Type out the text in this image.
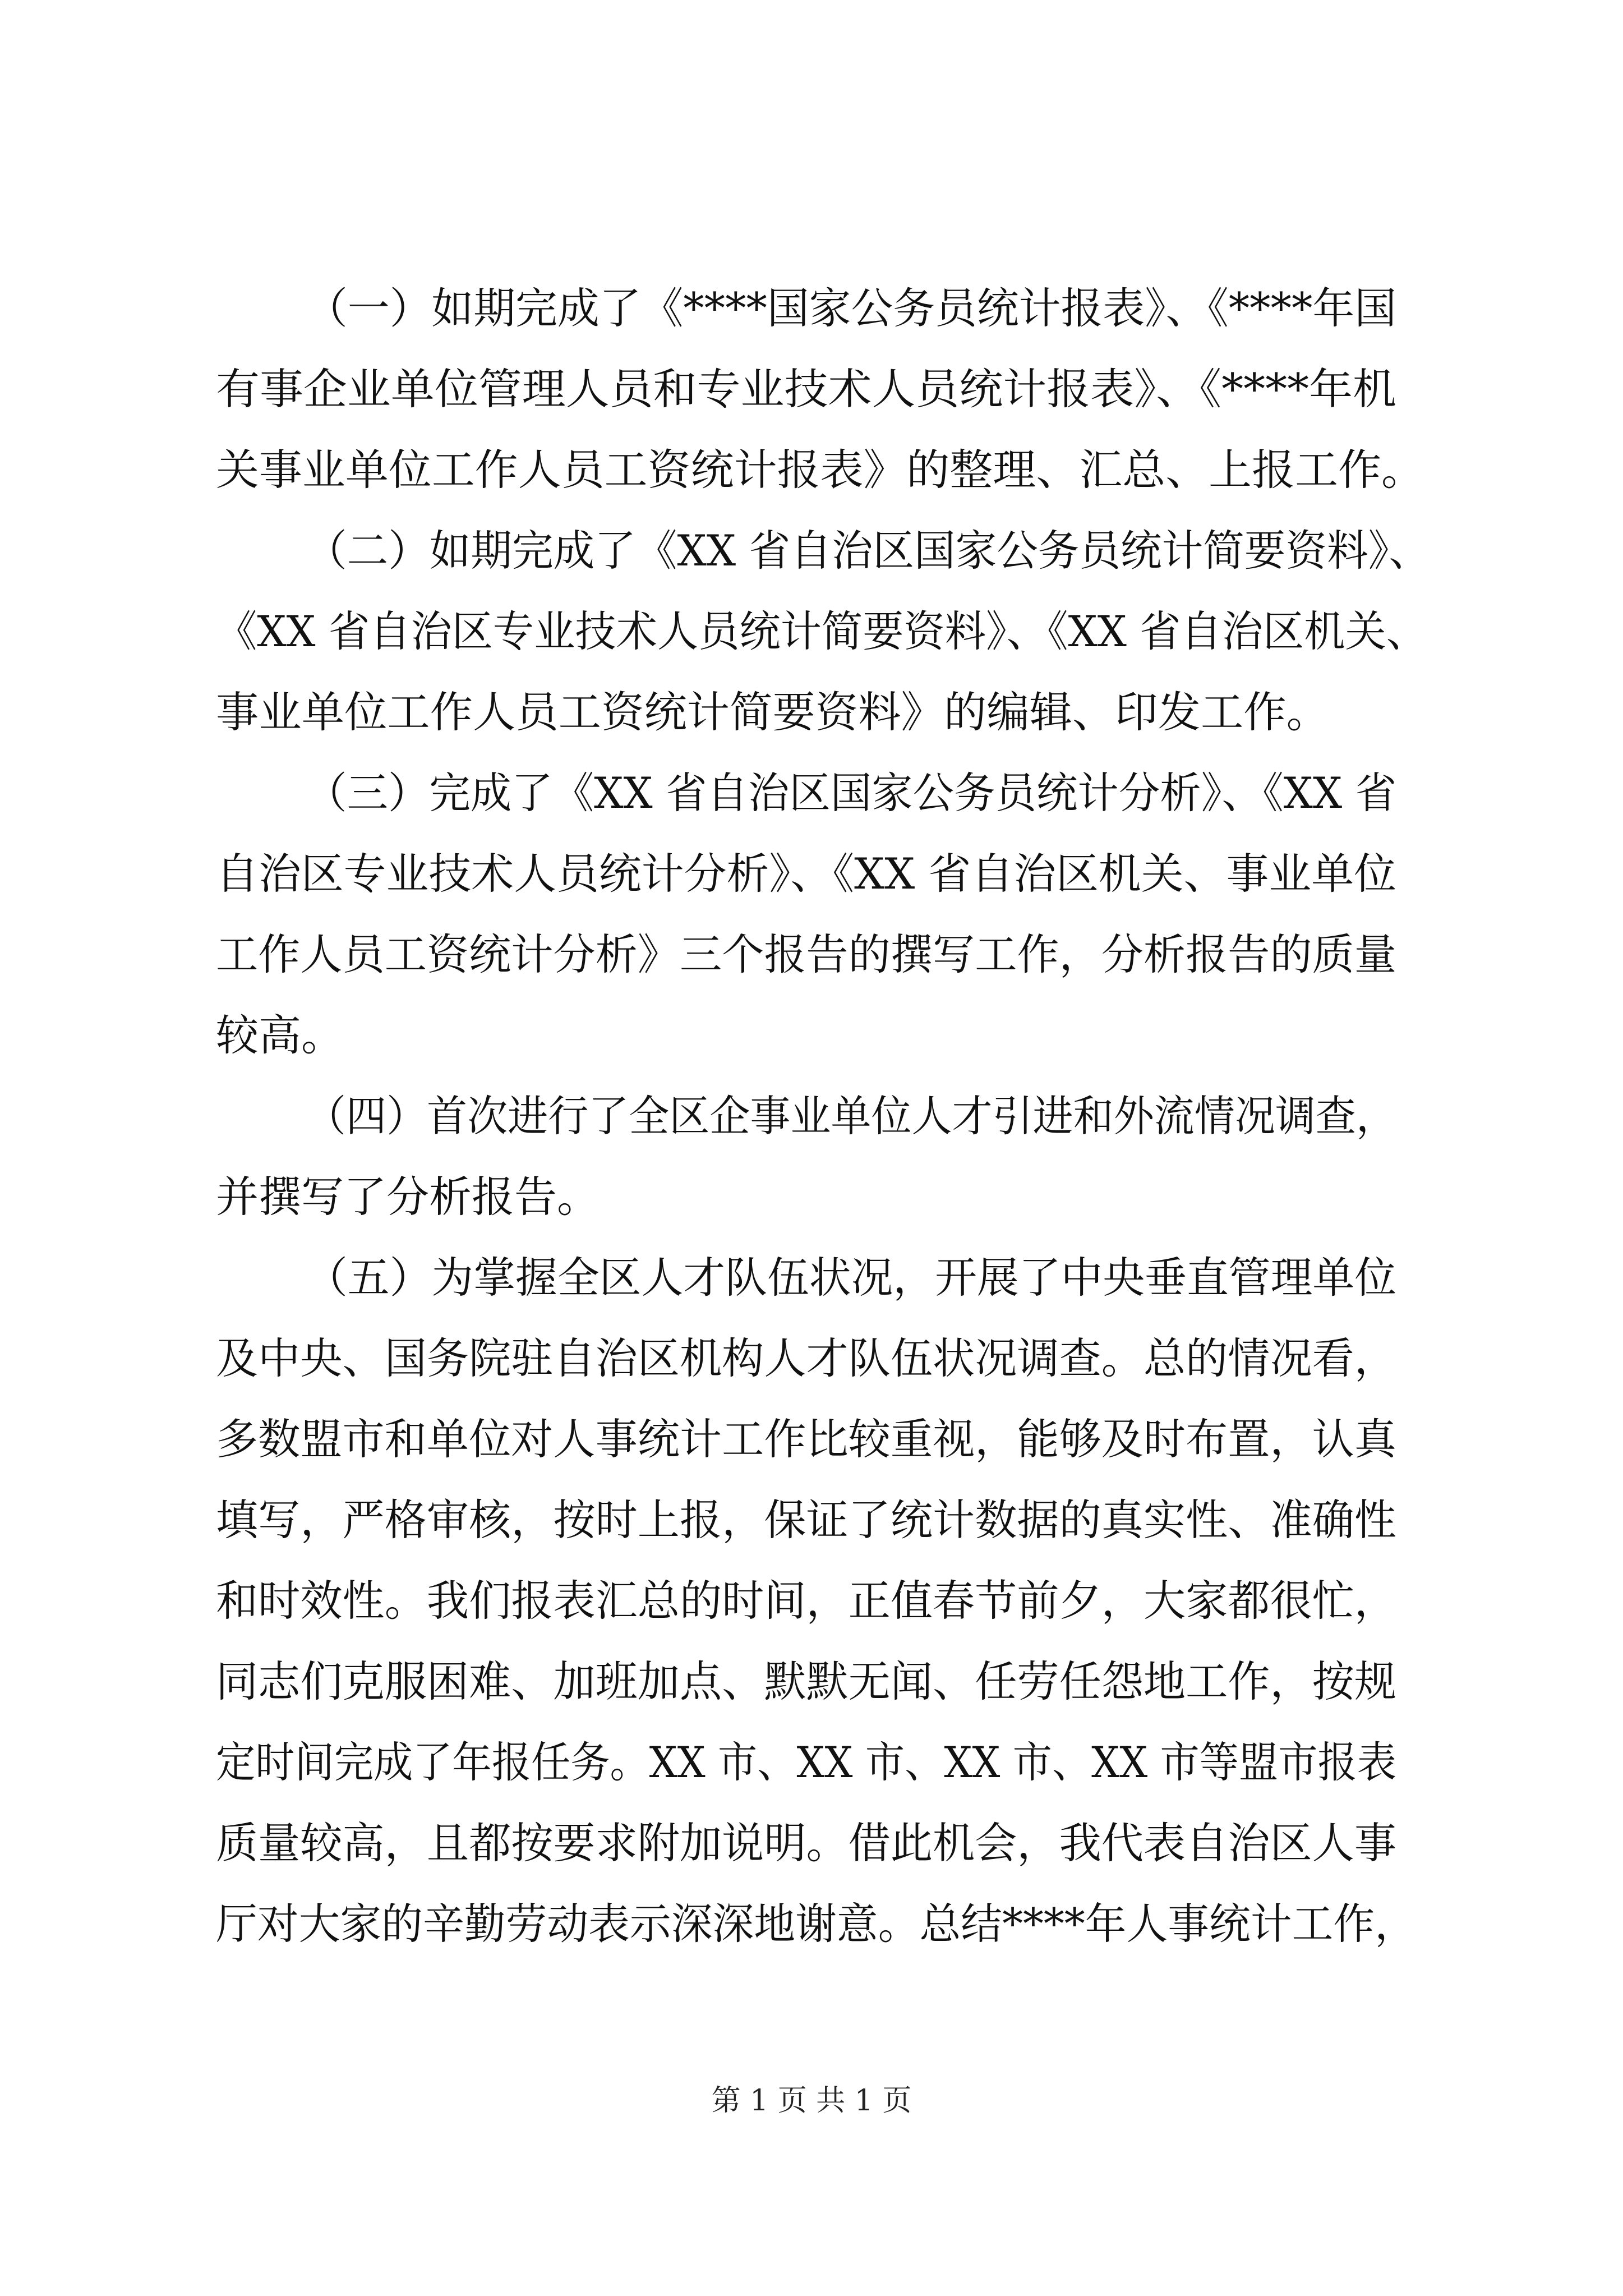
（一）如期完成了《****国家公务员统计报表》、《****年国
有事企业单位管理人员和专业技术人员统计报表》、《****年机
关事业单位工作人员工资统计报表》的整理、汇总、上报工作。
（二）如期完成了《XX 省自治区国家公务员统计简要资料》、
《XX 省自治区专业技术人员统计简要资料》、《XX 省自治区机关、
事业单位工作人员工资统计简要资料》的编辑、印发工作。
（三）完成了《XX 省自治区国家公务员统计分析》、《XX 省
自治区专业技术人员统计分析》、《XX 省自治区机关、事业单位
工作人员工资统计分析》三个报告的撰写工作，分析报告的质量
较高。
（四）首次进行了全区企事业单位人才引进和外流情况调查，
并撰写了分析报告。
（五）为掌握全区人才队伍状况，开展了中央垂直管理单位
及中央、国务院驻自治区机构人才队伍状况调查。总的情况看，
多数盟市和单位对人事统计工作比较重视，能够及时布置，认真
填写，严格审核，按时上报，保证了统计数据的真实性、准确性
和时效性。我们报表汇总的时间，正值春节前夕，大家都很忙，
同志们克服困难、加班加点、默默无闻、任劳任怨地工作，按规
定时间完成了年报任务。XX 市、XX 市、XX 市、XX 市等盟市报表
质量较高，且都按要求附加说明。借此机会，我代表自治区人事
厅对大家的辛勤劳动表示深深地谢意。总结****年人事统计工作，
第 1 页 共 1 页
